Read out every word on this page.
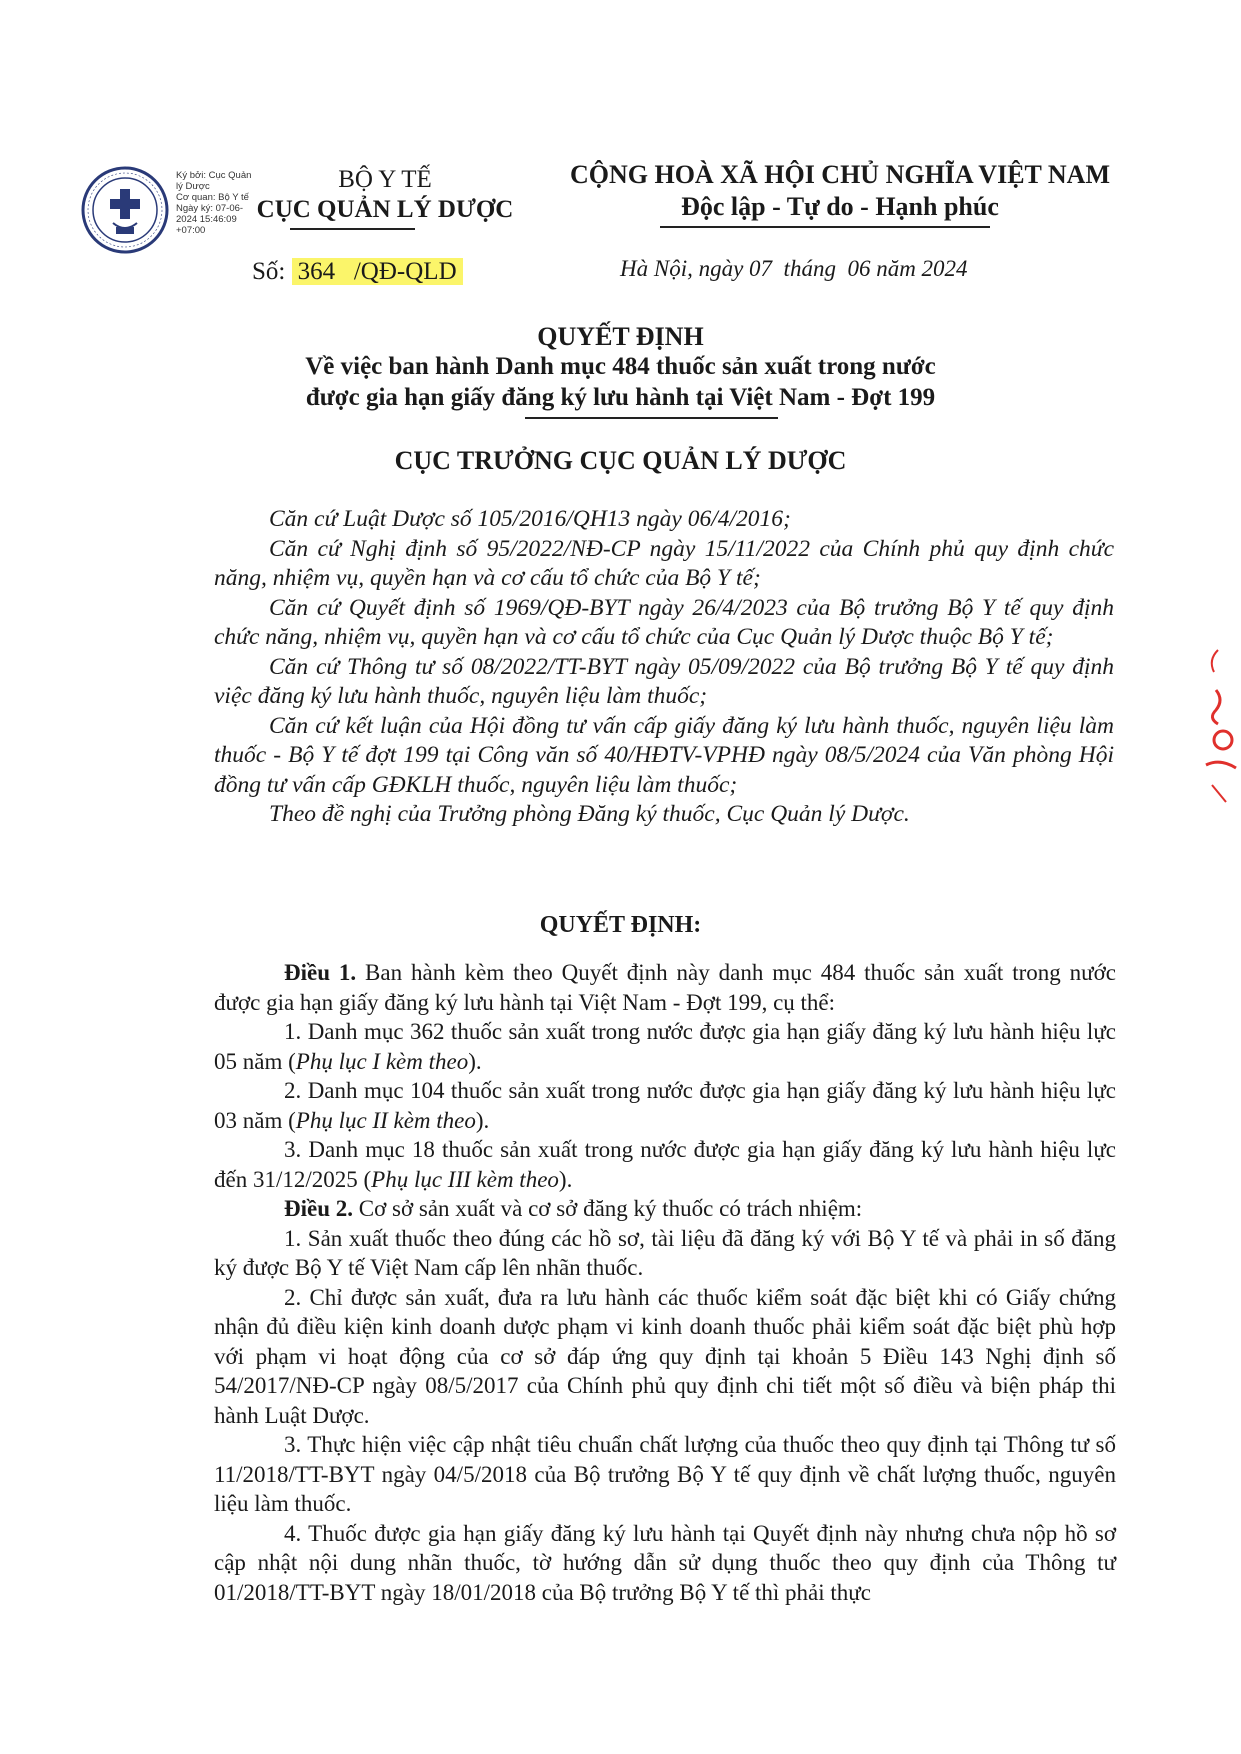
Ký bởi: Cục Quản
lý Dược
Cơ quan: Bộ Y tế
Ngày ký: 07-06-
2024 15:46:09
+07:00
BỘ Y TẾ
CỤC QUẢN LÝ DƯỢC
CỘNG HOÀ XÃ HỘI CHỦ NGHĨA VIỆT NAM
Độc lập - Tự do - Hạnh phúc
Số: 364 /QĐ-QLD	Hà Nội, ngày 07  tháng  06 năm 2024
QUYẾT ĐỊNH
Về việc ban hành Danh mục 484 thuốc sản xuất trong nước
được gia hạn giấy đăng ký lưu hành tại Việt Nam - Đợt 199
CỤC TRƯỞNG CỤC QUẢN LÝ DƯỢC

Căn cứ Luật Dược số 105/2016/QH13 ngày 06/4/2016;

Căn cứ Nghị định số 95/2022/NĐ-CP ngày 15/11/2022 của Chính phủ quy định chức năng, nhiệm vụ, quyền hạn và cơ cấu tổ chức của Bộ Y tế;

Căn cứ Quyết định số 1969/QĐ-BYT ngày 26/4/2023 của Bộ trưởng Bộ Y tế quy định chức năng, nhiệm vụ, quyền hạn và cơ cấu tổ chức của Cục Quản lý Dược thuộc Bộ Y tế;

Căn cứ Thông tư số 08/2022/TT-BYT ngày 05/09/2022 của Bộ trưởng Bộ Y tế quy định việc đăng ký lưu hành thuốc, nguyên liệu làm thuốc;

Căn cứ kết luận của Hội đồng tư vấn cấp giấy đăng ký lưu hành thuốc, nguyên liệu làm thuốc - Bộ Y tế đợt 199 tại Công văn số 40/HĐTV-VPHĐ ngày 08/5/2024 của Văn phòng Hội đồng tư vấn cấp GĐKLH thuốc, nguyên liệu làm thuốc;

Theo đề nghị của Trưởng phòng Đăng ký thuốc, Cục Quản lý Dược.

QUYẾT ĐỊNH:

Điều 1. Ban hành kèm theo Quyết định này danh mục 484 thuốc sản xuất trong nước được gia hạn giấy đăng ký lưu hành tại Việt Nam - Đợt 199, cụ thể:

1. Danh mục 362 thuốc sản xuất trong nước được gia hạn giấy đăng ký lưu hành hiệu lực 05 năm (Phụ lục I kèm theo).

2. Danh mục 104 thuốc sản xuất trong nước được gia hạn giấy đăng ký lưu hành hiệu lực 03 năm (Phụ lục II kèm theo).

3. Danh mục 18 thuốc sản xuất trong nước được gia hạn giấy đăng ký lưu hành hiệu lực đến 31/12/2025 (Phụ lục III kèm theo).

Điều 2. Cơ sở sản xuất và cơ sở đăng ký thuốc có trách nhiệm:

1. Sản xuất thuốc theo đúng các hồ sơ, tài liệu đã đăng ký với Bộ Y tế và phải in số đăng ký được Bộ Y tế Việt Nam cấp lên nhãn thuốc.

2. Chỉ được sản xuất, đưa ra lưu hành các thuốc kiểm soát đặc biệt khi có Giấy chứng nhận đủ điều kiện kinh doanh dược phạm vi kinh doanh thuốc phải kiểm soát đặc biệt phù hợp với phạm vi hoạt động của cơ sở đáp ứng quy định tại khoản 5 Điều 143 Nghị định số 54/2017/NĐ-CP ngày 08/5/2017 của Chính phủ quy định chi tiết một số điều và biện pháp thi hành Luật Dược.

3. Thực hiện việc cập nhật tiêu chuẩn chất lượng của thuốc theo quy định tại Thông tư số 11/2018/TT-BYT ngày 04/5/2018 của Bộ trưởng Bộ Y tế quy định về chất lượng thuốc, nguyên liệu làm thuốc.

4. Thuốc được gia hạn giấy đăng ký lưu hành tại Quyết định này nhưng chưa nộp hồ sơ cập nhật nội dung nhãn thuốc, tờ hướng dẫn sử dụng thuốc theo quy định của Thông tư 01/2018/TT-BYT ngày 18/01/2018 của Bộ trưởng Bộ Y tế thì phải thực
